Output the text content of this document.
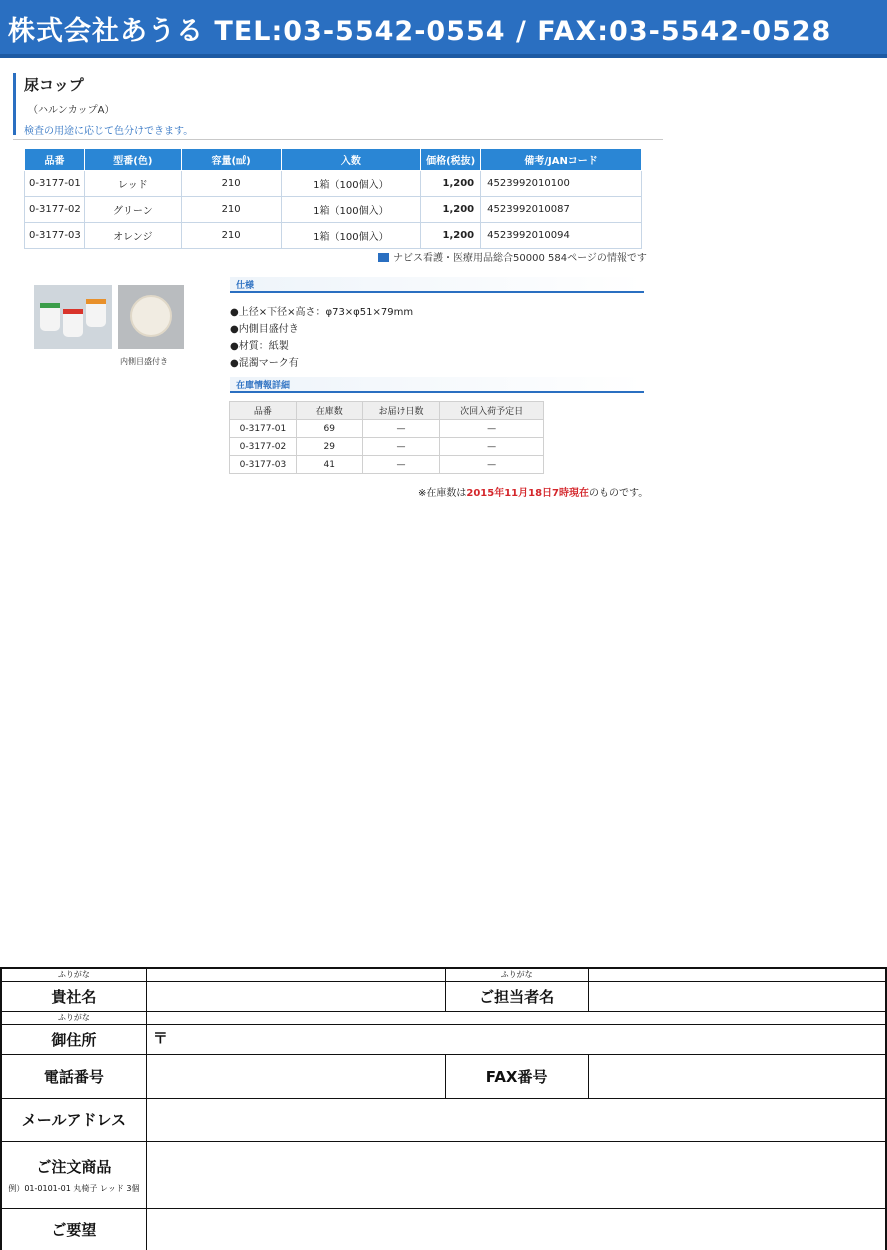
株式会社あうる TEL:03-5542-0554 / FAX:03-5542-0528
尿コップ
（ハルンカップA）
検査の用途に応じて色分けできます。
品番	型番(色)	容量(㎖)	入数	価格(税抜)	備考/JANコード
0-3177-01	レッド	210	1箱（100個入）	1,200	4523992010100
0-3177-02	グリーン	210	1箱（100個入）	1,200	4523992010087
0-3177-03	オレンジ	210	1箱（100個入）	1,200	4523992010094
ナビス看護・医療用品総合50000 584ページの情報です
内側目盛付き
仕様
●上径×下径×高さ：φ73×φ51×79mm
●内側目盛付き
●材質：紙製
●混濁マーク有
在庫情報詳細
品番	在庫数	お届け日数	次回入荷予定日
0-3177-01	69	—	—
0-3177-02	29	—	—
0-3177-03	41	—	—
※在庫数は2015年11月18日7時現在のものです。
ふりがな		ふりがな	
貴社名		ご担当者名	
ふりがな			
御住所	〒		
電話番号		FAX番号	
メールアドレス			
ご注文商品
例）01-0101-01 丸椅子 レッド 3個			

ご要望			
